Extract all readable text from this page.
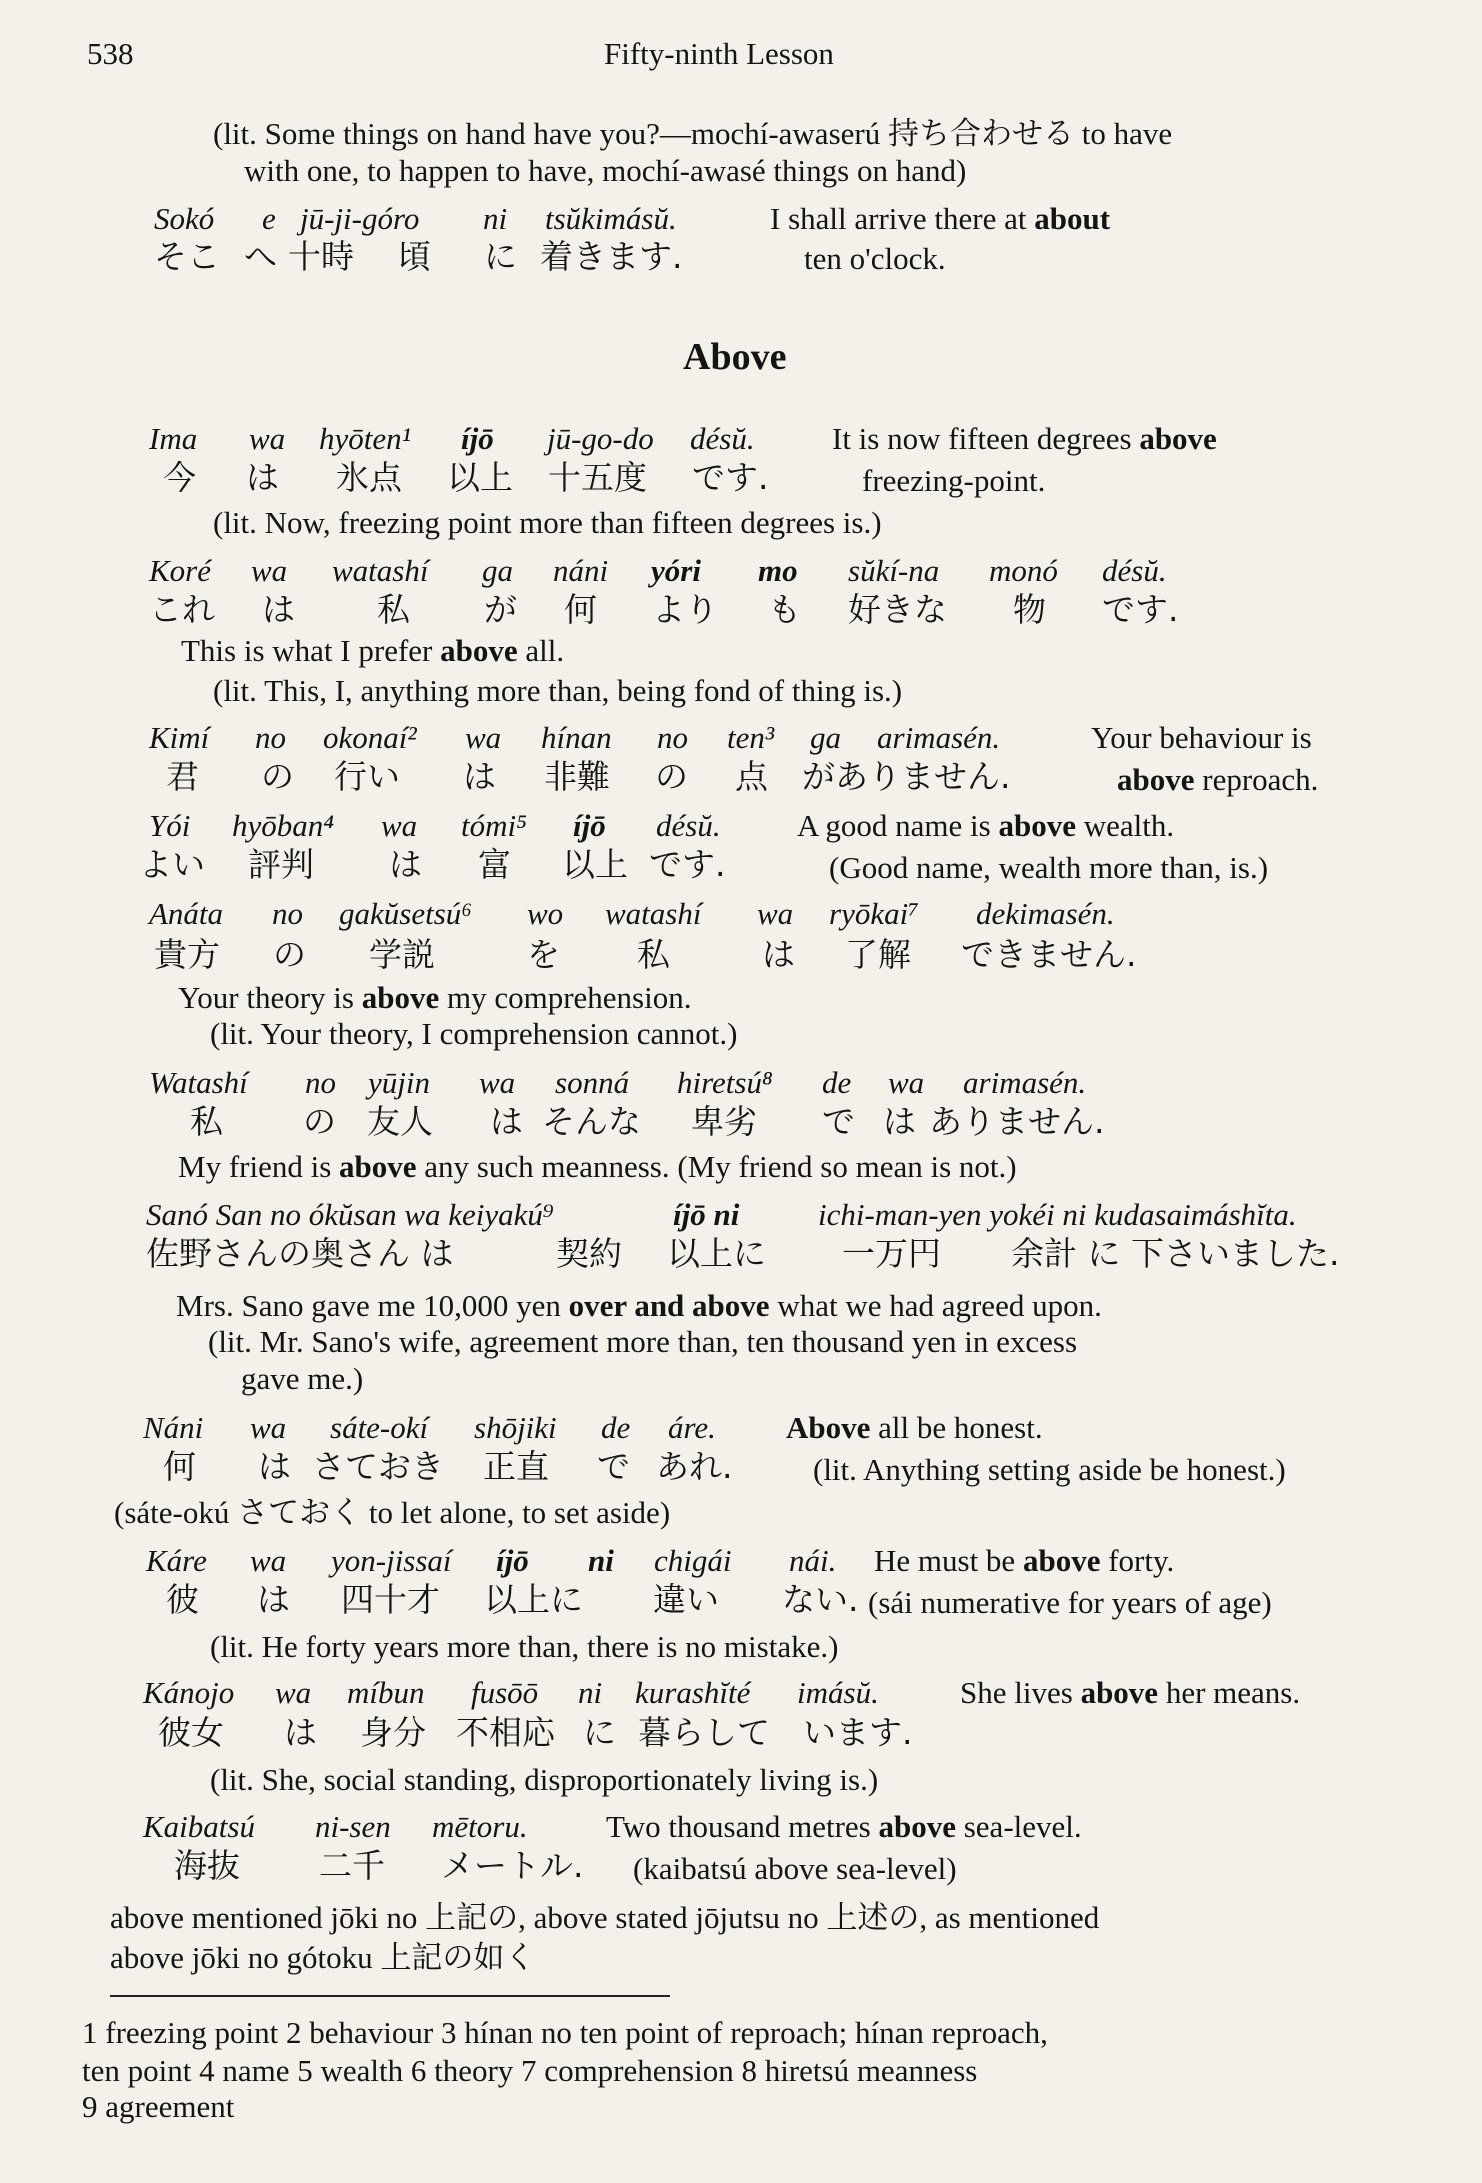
538	Fifty-ninth Lesson
(lit. Some things on hand have you?—mochí-awaserú 持ち合わせる to have
with one, to happen to have, mochí-awasé things on hand)
Sokó e jū-ji-góro ni tsŭkimásŭ.	I shall arrive there at about
そこ へ 十時 頃 に 着きます.	ten o'clock.
Above
Ima wa hyōten¹ íjō jū-go-do désŭ. It is now fifteen degrees above
今 は 氷点 以上 十五度 です.	freezing-point.
(lit. Now, freezing point more than fifteen degrees is.)
Koré wa watashí ga náni yóri mo sŭkí-na monó désŭ.
これ は 私 が 何 より も 好きな 物 です.
This is what I prefer above all.
(lit. This, I, anything more than, being fond of thing is.)
Kimí no okonaí² wa hínan no ten³ ga arimasén.	Your behaviour is
君 の 行い は 非難 の 点 がありません.	above reproach.
Yói hyōban⁴ wa tómi⁵ íjō désŭ. A good name is above wealth.
よい 評判 は 富 以上 です.	(Good name, wealth more than, is.)
Anáta no gakŭsetsú⁶ wo watashí wa ryōkai⁷ dekimasén.
貴方 の 学説	を 私	は 了解 できません.
Your theory is above my comprehension.
(lit. Your theory, I comprehension cannot.)
Watashí no yūjin wa sonná hiretsú⁸ de wa arimasén.
私 の 友人 は そんな 卑劣 で は ありません.
My friend is above any such meanness. (My friend so mean is not.)
Sanó San no ókŭsan wa keiyakú⁹	íjō ni	ichi-man-yen yokéi ni kudasaimáshĭta.
佐野さんの奥さん は	契約 以上に 一万円 余計 に 下さいました.
Mrs. Sano gave me 10,000 yen over and above what we had agreed upon.
(lit. Mr. Sano's wife, agreement more than, ten thousand yen in excess
gave me.)
Náni wa sáte-okí shōjiki de áre. Above all be honest.
何 は さておき 正直 で あれ.	(lit. Anything setting aside be honest.)
(sáte-okú さておく to let alone, to set aside)
Káre wa yon-jissaí íjō ni chigái nái. He must be above forty.
彼 は 四十才 以上に 違い ない. (sái numerative for years of age)
(lit. He forty years more than, there is no mistake.)
Kánojo wa míbun fusōō ni kurashĭté imásŭ.	She lives above her means.
彼女 は 身分 不相応 に 暮らして います.
(lit. She, social standing, disproportionately living is.)
Kaibatsú ni-sen mētoru.	Two thousand metres above sea-level.
海抜 二千 メートル. (kaibatsú above sea-level)
above mentioned jōki no 上記の, above stated jōjutsu no 上述の, as mentioned
above jōki no gótoku 上記の如く
1 freezing point 2 behaviour 3 hínan no ten point of reproach; hínan reproach,
ten point 4 name 5 wealth 6 theory 7 comprehension 8 hiretsú meanness
9 agreement
